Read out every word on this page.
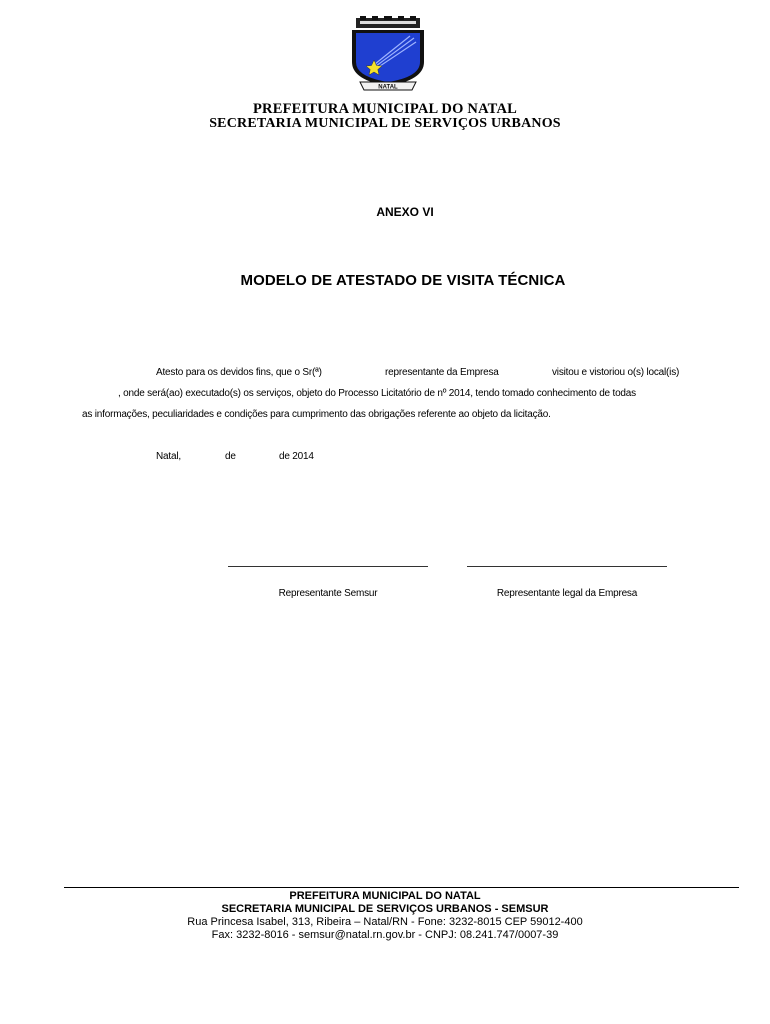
NATAL
PREFEITURA MUNICIPAL DO NATAL
SECRETARIA MUNICIPAL DE SERVIÇOS URBANOS
ANEXO VI
MODELO DE ATESTADO DE VISITA TÉCNICA
Atesto para os devidos fins, que o Sr(ª)	representante da Empresa	visitou e vistoriou o(s) local(is)
, onde será(ao) executado(s) os serviços, objeto do Processo Licitatório de nº 2014, tendo tomado conhecimento de todas
as informações, peculiaridades e condições para cumprimento das obrigações referente ao objeto da licitação.
Natal,	de	de 2014
Representante Semsur	Representante legal da Empresa
PREFEITURA MUNICIPAL DO NATAL
SECRETARIA MUNICIPAL DE SERVIÇOS URBANOS - SEMSUR
Rua Princesa Isabel, 313, Ribeira – Natal/RN - Fone: 3232-8015 CEP 59012-400
Fax: 3232-8016 - semsur@natal.rn.gov.br - CNPJ: 08.241.747/0007-39
